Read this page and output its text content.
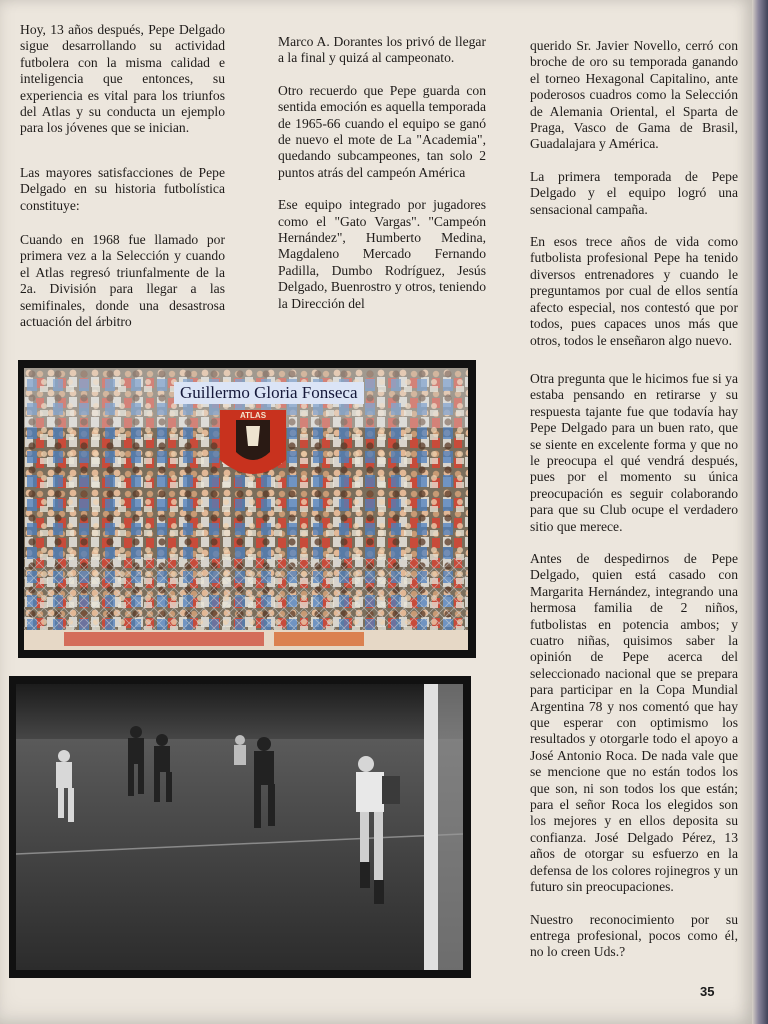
Hoy, 13 años después, Pepe Delgado sigue desarrollando su actividad futbolera con la misma calidad e inteligencia que entonces, su experiencia es vital para los triunfos del Atlas y su conducta un ejemplo para los jóvenes que se inician.

Las mayores satisfacciones de Pepe Delgado en su historia futbolística constituye:

Cuando en 1968 fue llamado por primera vez a la Selección y cuando el Atlas regresó triunfalmente de la 2a. División para llegar a las semifinales, donde una desastrosa actuación del árbitro

Marco A. Dorantes los privó de llegar a la final y quizá al campeonato.

Otro recuerdo que Pepe guarda con sentida emoción es aquella temporada de 1965-66 cuando el equipo se ganó de nuevo el mote de La "Academia", quedando subcampeones, tan solo 2 puntos atrás del campeón América

Ese equipo integrado por jugadores como el "Gato Vargas". "Campeón Hernández", Humberto Medina, Magdaleno Mercado Fernando Padilla, Dumbo Rodríguez, Jesús Delgado, Buenrostro y otros, teniendo la Dirección del

querido Sr. Javier Novello, cerró con broche de oro su temporada ganando el torneo Hexagonal Capitalino, ante poderosos cuadros como la Selección de Alemania Oriental, el Sparta de Praga, Vasco de Gama de Brasil, Guadalajara y América.

La primera temporada de Pepe Delgado y el equipo logró una sensacional campaña.

En esos trece años de vida como futbolista profesional Pepe ha tenido diversos entrenadores y cuando le preguntamos por cual de ellos sentía afecto especial, nos contestó que por todos, pues capaces unos más que otros, todos le enseñaron algo nuevo.

Otra pregunta que le hicimos fue si ya estaba pensando en retirarse y su respuesta tajante fue que todavía hay Pepe Delgado para un buen rato, que se siente en excelente forma y que no le preocupa el qué vendrá después, pues por el momento su única preocupación es seguir colaborando para que su Club ocupe el verdadero sitio que merece.

Antes de despedirnos de Pepe Delgado, quien está casado con Margarita Hernández, integrando una hermosa familia de 2 niños, futbolistas en potencia ambos; y cuatro niñas, quisimos saber la opinión de Pepe acerca del seleccionado nacional que se prepara para participar en la Copa Mundial Argentina 78 y nos comentó que hay que esperar con optimismo los resultados y otorgarle todo el apoyo a José Antonio Roca. De nada vale que se mencione que no están todos los que son, ni son todos los que están; para el señor Roca los elegidos son los mejores y en ellos deposita su confianza. José Delgado Pérez, 13 años de otorgar su esfuerzo en la defensa de los colores rojinegros y un futuro sin preocupaciones.

Nuestro reconocimiento por su entrega profesional, pocos como él, no lo creen Uds.?

ATLAS
Guillermo Gloria Fonseca
35
